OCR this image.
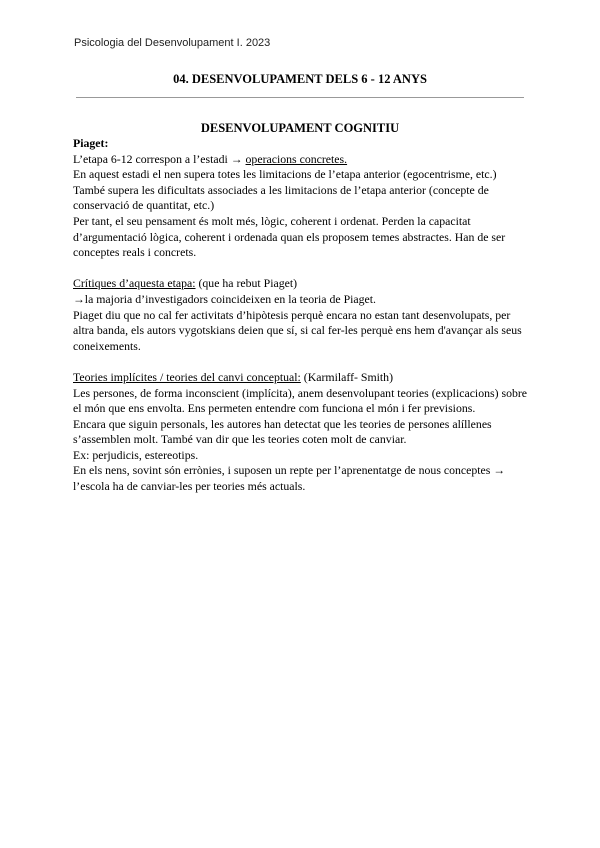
Psicologia del Desenvolupament I. 2023
04. DESENVOLUPAMENT DELS 6 - 12 ANYS
DESENVOLUPAMENT COGNITIU

Piaget:

L’etapa 6-12 correspon a l’estadi → operacions concretes.

En aquest estadi el nen supera totes les limitacions de l’etapa anterior (egocentrisme, etc.)

També supera les dificultats associades a les limitacions de l’etapa anterior (concepte de conservació de quantitat, etc.)

Per tant, el seu pensament és molt més, lògic, coherent i ordenat. Perden la capacitat d’argumentació lògica, coherent i ordenada quan els proposem temes abstractes. Han de ser conceptes reals i concrets.

Crítiques d’aquesta etapa: (que ha rebut Piaget)

→la majoria d’investigadors coincideixen en la teoria de Piaget.

Piaget diu que no cal fer activitats d’hipòtesis perquè encara no estan tant desenvolupats, per altra banda, els autors vygotskians deien que sí, si cal fer-les perquè ens hem d'avançar als seus coneixements.

Teories implícites / teories del canvi conceptual: (Karmilaff- Smith)

Les persones, de forma inconscient (implícita), anem desenvolupant teories (explicacions) sobre el món que ens envolta. Ens permeten entendre com funciona el món i fer previsions.

Encara que siguin personals, les autores han detectat que les teories de persones alíllenes s’assemblen molt. També van dir que les teories coten molt de canviar.

Ex: perjudicis, estereotips.

En els nens, sovint són errònies, i suposen un repte per l’aprenentatge de nous conceptes → l’escola ha de canviar-les per teories més actuals.
